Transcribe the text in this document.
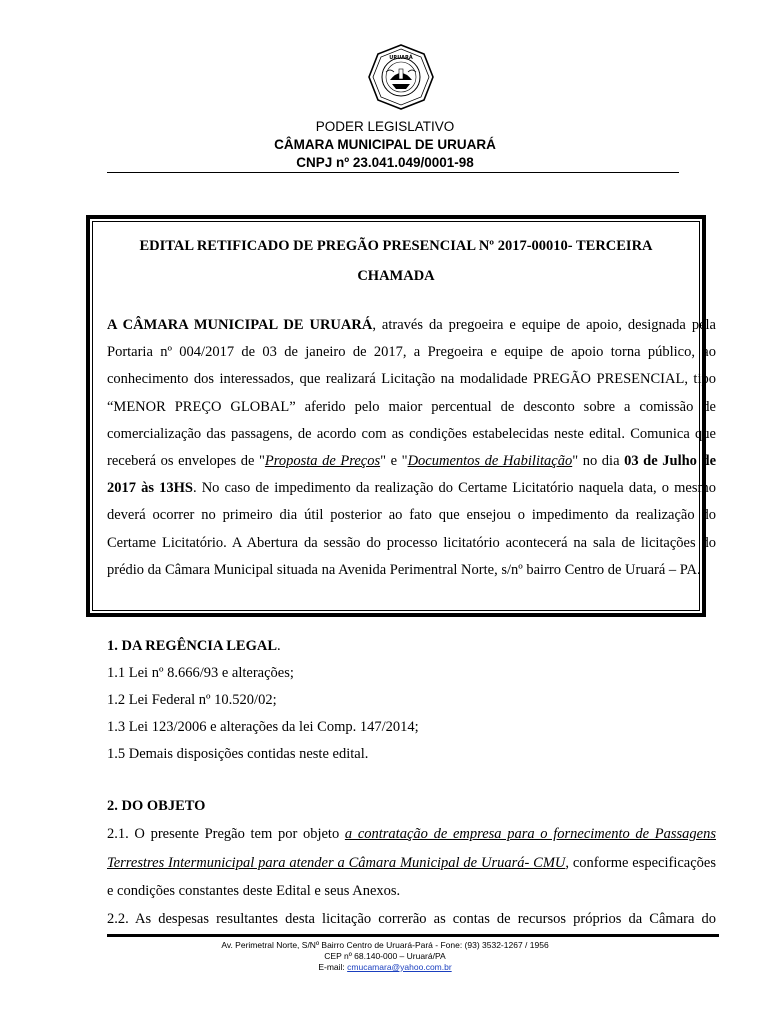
URUARÁ
PODER LEGISLATIVO
CÂMARA MUNICIPAL DE URUARÁ
CNPJ nº 23.041.049/0001-98
EDITAL RETIFICADO DE PREGÃO PRESENCIAL Nº 2017-00010- TERCEIRA
CHAMADA
A CÂMARA MUNICIPAL DE URUARÁ, através da pregoeira e equipe de apoio, designada pela Portaria nº 004/2017 de 03 de janeiro de 2017, a Pregoeira e equipe de apoio torna público, ao conhecimento dos interessados, que realizará Licitação na modalidade PREGÃO PRESENCIAL, tipo “MENOR PREÇO GLOBAL” aferido pelo maior percentual de desconto sobre a comissão de comercialização das passagens, de acordo com as condições estabelecidas neste edital. Comunica que receberá os envelopes de "Proposta de Preços" e "Documentos de Habilitação" no dia 03 de Julho de 2017 às 13HS. No caso de impedimento da realização do Certame Licitatório naquela data, o mesmo deverá ocorrer no primeiro dia útil posterior ao fato que ensejou o impedimento da realização do Certame Licitatório. A Abertura da sessão do processo licitatório acontecerá na sala de licitações do prédio da Câmara Municipal situada na Avenida Perimentral Norte, s/nº bairro Centro de Uruará – PA.
1. DA REGÊNCIA LEGAL.
1.1 Lei nº 8.666/93 e alterações;
1.2 Lei Federal nº 10.520/02;
1.3 Lei 123/2006 e alterações da lei Comp. 147/2014;
1.5 Demais disposições contidas neste edital.
2. DO OBJETO
2.1. O presente Pregão tem por objeto a contratação de empresa para o fornecimento de Passagens Terrestres Intermunicipal para atender a Câmara Municipal de Uruará- CMU, conforme especificações e condições constantes deste Edital e seus Anexos.
2.2. As despesas resultantes desta licitação correrão as contas de recursos próprios da Câmara do
Av. Perimetral Norte, S/Nº Bairro Centro de Uruará-Pará - Fone: (93) 3532-1267 / 1956
CEP nº 68.140-000 – Uruará/PA
E-mail: cmucamara@yahoo.com.br
